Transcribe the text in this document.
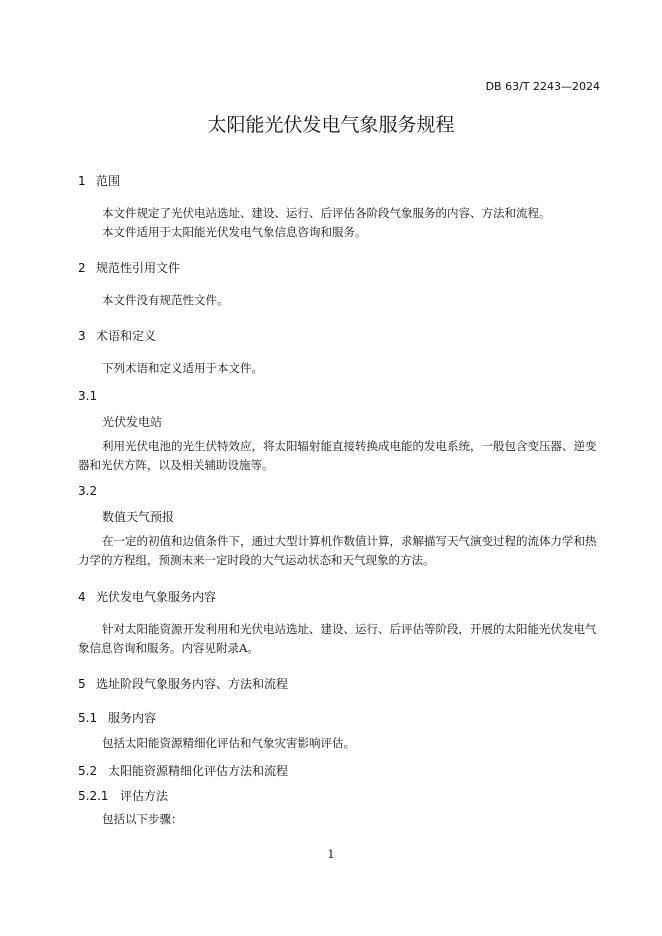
DB 63/T 2243—2024
太阳能光伏发电气象服务规程
1 范围
本文件规定了光伏电站选址、建设、运行、后评估各阶段气象服务的内容、方法和流程。
本文件适用于太阳能光伏发电气象信息咨询和服务。
2 规范性引用文件
本文件没有规范性文件。
3 术语和定义
下列术语和定义适用于本文件。
3.1
光伏发电站
利用光伏电池的光生伏特效应，将太阳辐射能直接转换成电能的发电系统，一般包含变压器、逆变器和光伏方阵，以及相关辅助设施等。
3.2
数值天气预报
在一定的初值和边值条件下，通过大型计算机作数值计算，求解描写天气演变过程的流体力学和热力学的方程组，预测未来一定时段的大气运动状态和天气现象的方法。
4 光伏发电气象服务内容
针对太阳能资源开发利用和光伏电站选址、建设、运行、后评估等阶段，开展的太阳能光伏发电气象信息咨询和服务。内容见附录A。
5 选址阶段气象服务内容、方法和流程
5.1 服务内容
包括太阳能资源精细化评估和气象灾害影响评估。
5.2 太阳能资源精细化评估方法和流程
5.2.1 评估方法
包括以下步骤：
1
